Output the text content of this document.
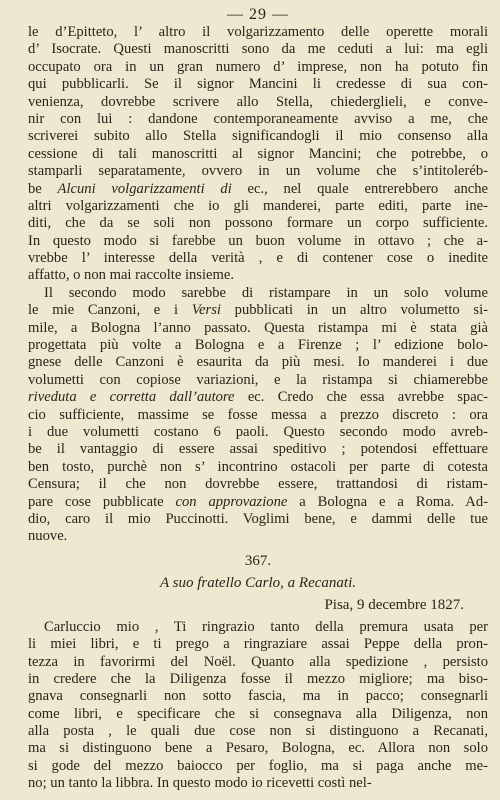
— 29 —
le d’Epitteto, l’ altro il volgarizzamento delle operette morali
d’ Isocrate. Questi manoscritti sono da me ceduti a lui: ma egli
occupato ora in un gran numero d’ imprese, non ha potuto fin
qui pubblicarli. Se il signor Mancini li credesse di sua con-
venienza, dovrebbe scrivere allo Stella, chiederglieli, e conve-
nir con lui : dandone contemporaneamente avviso a me, che
scriverei subito allo Stella significandogli il mio consenso alla
cessione di tali manoscritti al signor Mancini; che potrebbe, o
stamparli separatamente, ovvero in un volume che s’intitoleréb-
be Alcuni volgarizzamenti di ec., nel quale entrerebbero anche
altri volgarizzamenti che io gli manderei, parte editi, parte ine-
diti, che da se soli non possono formare un corpo sufficiente.
In questo modo si farebbe un buon volume in ottavo ; che a-
vrebbe l’ interesse della verità , e di contener cose o inedite
affatto, o non mai raccolte insieme.
Il secondo modo sarebbe di ristampare in un solo volume
le mie Canzoni, e i Versi pubblicati in un altro volumetto si-
mile, a Bologna l’anno passato. Questa ristampa mi è stata già
progettata più volte a Bologna e a Firenze ; l’ edizione bolo-
gnese delle Canzoni è esaurita da più mesi. Io manderei i due
volumetti con copiose variazioni, e la ristampa si chiamerebbe
riveduta e corretta dall’autore ec. Credo che essa avrebbe spac-
cio sufficiente, massime se fosse messa a prezzo discreto : ora
i due volumetti costano 6 paoli. Questo secondo modo avreb-
be il vantaggio di essere assai speditivo ; potendosi effettuare
ben tosto, purchè non s’ incontrino ostacoli per parte di cotesta
Censura; il che non dovrebbe essere, trattandosi di ristam-
pare cose pubblicate con approvazione a Bologna e a Roma. Ad-
dio, caro il mio Puccinotti. Voglimi bene, e dammi delle tue
nuove.
367.
A suo fratello Carlo, a Recanati.
Pisa, 9 decembre 1827.
Carluccio mio , Ti ringrazio tanto della premura usata per
li miei libri, e ti prego a ringraziare assai Peppe della pron-
tezza in favorirmi del Noël. Quanto alla spedizione , persisto
in credere che la Diligenza fosse il mezzo migliore; ma biso-
gnava consegnarli non sotto fascia, ma in pacco; consegnarli
come libri, e specificare che si consegnava alla Diligenza, non
alla posta , le quali due cose non si distinguono a Recanati,
ma si distinguono bene a Pesaro, Bologna, ec. Allora non solo
si gode del mezzo baiocco per foglio, ma si paga anche me-
no; un tanto la libbra. In questo modo io ricevetti costì nel-
